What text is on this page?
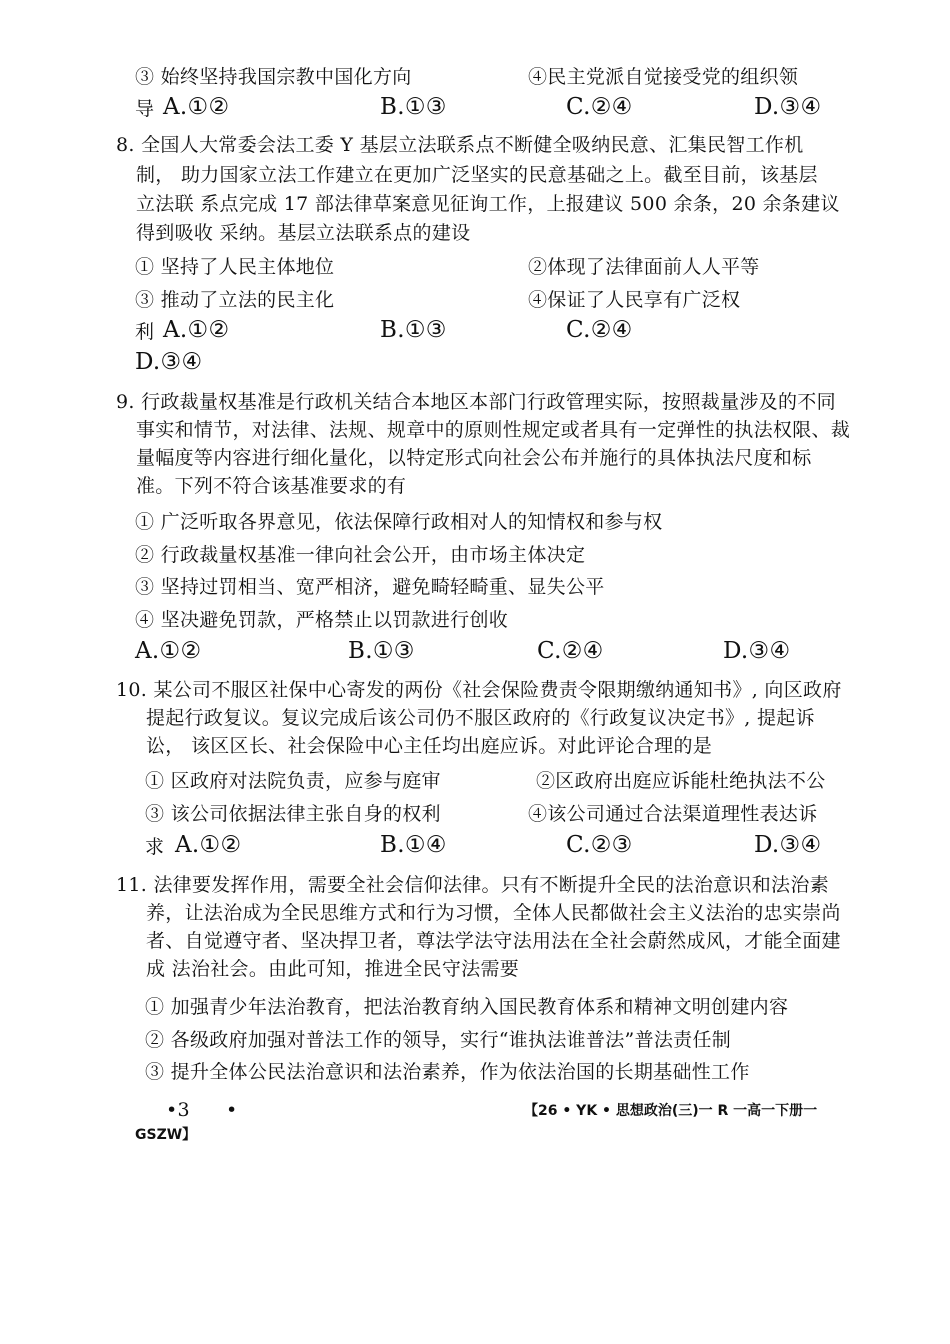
③ 始终坚持我国宗教中国化方向	④民主党派自觉接受党的组织领
导 A.①②	B.①③	C.②④	D.③④
8. 全国人大常委会法工委 Y 基层立法联系点不断健全吸纳民意、汇集民智工作机
制， 助力国家立法工作建立在更加广泛坚实的民意基础之上。截至目前，该基层
立法联 系点完成 17 部法律草案意见征询工作，上报建议 500 余条，20 余条建议
得到吸收 采纳。基层立法联系点的建设
① 坚持了人民主体地位	②体现了法律面前人人平等
③ 推动了立法的民主化	④保证了人民享有广泛权
利 A.①②	B.①③	C.②④
D.③④
9. 行政裁量权基准是行政机关结合本地区本部门行政管理实际，按照裁量涉及的不同
事实和情节，对法律、法规、规章中的原则性规定或者具有一定弹性的执法权限、裁
量幅度等内容进行细化量化，以特定形式向社会公布并施行的具体执法尺度和标
准。下列不符合该基准要求的有
① 广泛听取各界意见，依法保障行政相对人的知情权和参与权
② 行政裁量权基准一律向社会公开，由市场主体决定
③ 坚持过罚相当、宽严相济，避免畸轻畸重、显失公平
④ 坚决避免罚款，严格禁止以罚款进行创收
A.①②	B.①③	C.②④	D.③④
10. 某公司不服区社保中心寄发的两份《社会保险费责令限期缴纳通知书》, 向区政府
提起行政复议。复议完成后该公司仍不服区政府的《行政复议决定书》, 提起诉
讼， 该区区长、社会保险中心主任均出庭应诉。对此评论合理的是
① 区政府对法院负责，应参与庭审	②区政府出庭应诉能杜绝执法不公
③ 该公司依据法律主张自身的权利	④该公司通过合法渠道理性表达诉
求 A.①②	B.①④	C.②③	D.③④
11. 法律要发挥作用，需要全社会信仰法律。只有不断提升全民的法治意识和法治素
养，让法治成为全民思维方式和行为习惯，全体人民都做社会主义法治的忠实崇尚
者、自觉遵守者、坚决捍卫者，尊法学法守法用法在全社会蔚然成风，才能全面建
成 法治社会。由此可知，推进全民守法需要
① 加强青少年法治教育，把法治教育纳入国民教育体系和精神文明创建内容
② 各级政府加强对普法工作的领导，实行“谁执法谁普法”普法责任制
③ 提升全体公民法治意识和法治素养，作为依法治国的长期基础性工作
•3 •	【26 • YK • 思想政治(三)一 R 一高一下册一
GSZW】
